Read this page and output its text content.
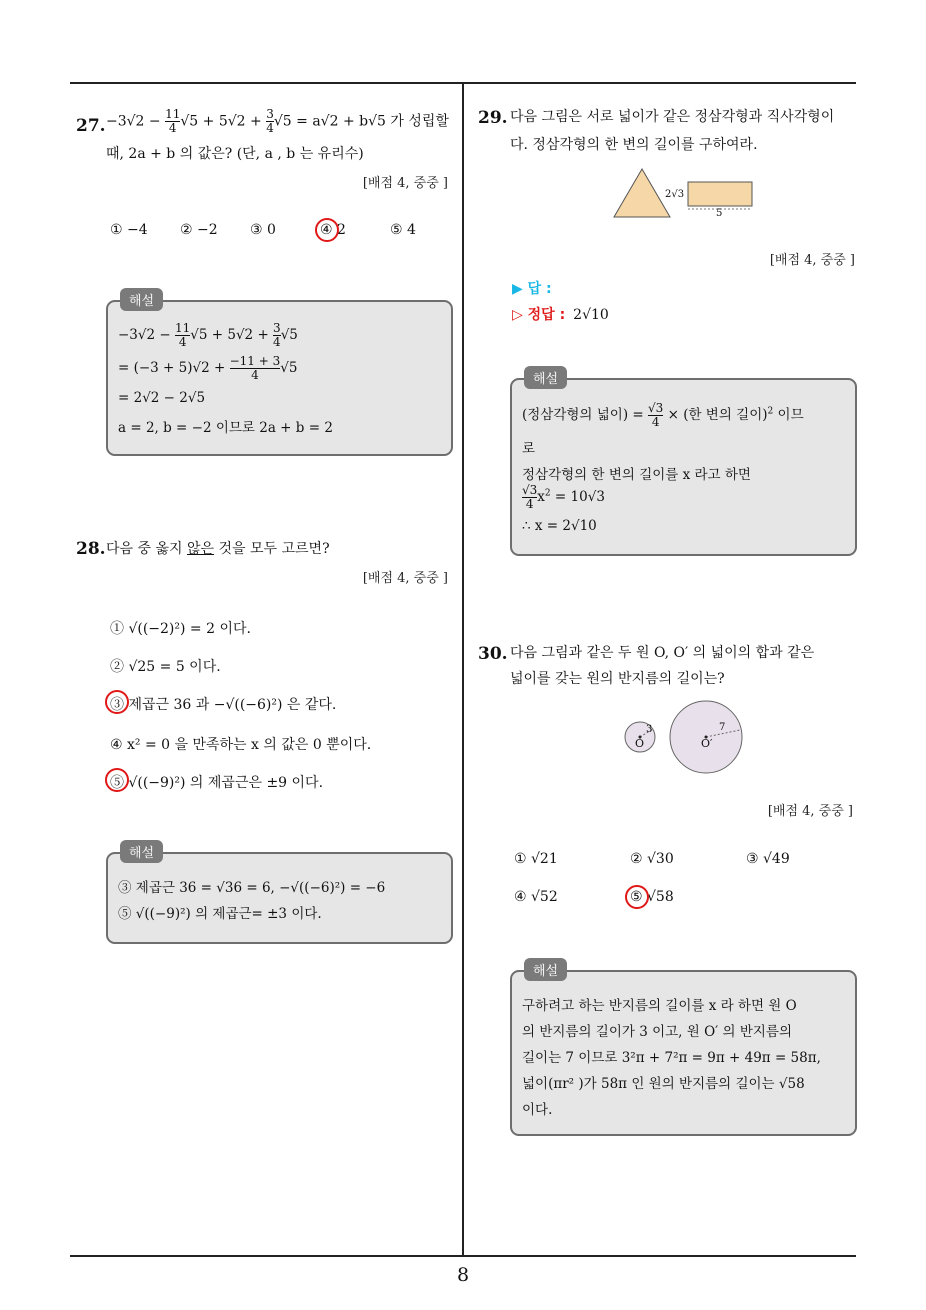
8
27. $-3√2 - \frac{11}{4} √5 + 5√2 + \frac{3}{4} √5 = a√2 + b√5$ 가 성립할
때, 2a + b 의 값은? (단, a , b 는 유리수)
[배점 4, 중중 ]
① −4 ② −2 ③ 0	④ 2	⑤ 4
해설
$-3√2 - \frac{11}{4} √5 + 5√2 + \frac{3}{4} √5$
= $(-3 + 5)√2 + \frac{-11 + 3}{4} √5$
= 2√2 − 2√5
a = 2, b = −2 이므로 2a + b = 2
28. 다음 중 옳지 않은 것을 모두 고르면?
[배점 4, 중중 ]
① √((−2)²) = 2 이다.
② √25 = 5 이다.
③ 제곱근 36 과 −√((−6)²) 은 같다.
④ x² = 0 을 만족하는 x 의 값은 0 뿐이다.
⑤ √((−9)²) 의 제곱근은 ±9 이다.
해설
③ 제곱근 36 = √36 = 6, −√((−6)²) = −6
⑤ √((−9)²) 의 제곱근= ±3 이다.
29. 다음 그림은 서로 넓이가 같은 정삼각형과 직사각형이
다. 정삼각형의 한 변의 길이를 구하여라.
2√3
5
[배점 4, 중중 ]
▶ 답 :
▷ 정답 : 2√10
해설
(정삼각형의 넓이) = $\frac{√3}{4}$ × (한 변의 길이)$^2$ 이므
로
정삼각형의 한 변의 길이를 x 라고 하면
$\frac{√3}{4} x^2 = 10√3$
∴ x = 2√10
30. 다음 그림과 같은 두 원 O, O′ 의 넓이의 합과 같은
넓이를 갖는 원의 반지름의 길이는?
3
O
7
O′
[배점 4, 중중 ]
① √21	② √30	③ √49
④ √52	⑤ √58
해설
구하려고 하는 반지름의 길이를 x 라 하면 원 O
의 반지름의 길이가 3 이고, 원 O′ 의 반지름의
길이는 7 이므로 3²π + 7²π = 9π + 49π = 58π,
넓이(πr² )가 58π 인 원의 반지름의 길이는 √58
이다.
